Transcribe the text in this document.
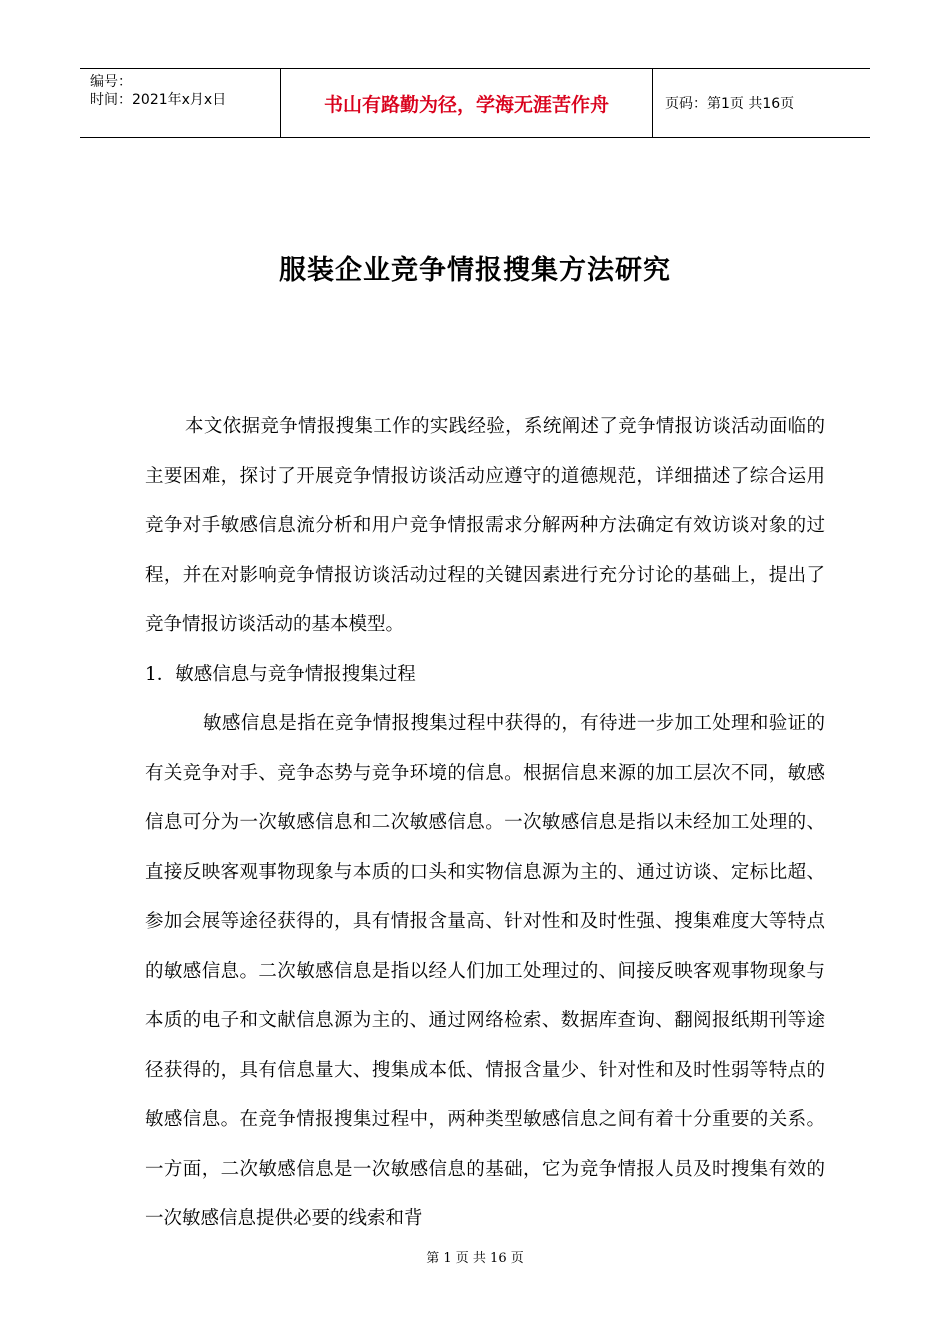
编号：
时间：2021年x月x日	书山有路勤为径，学海无涯苦作舟	页码：第1页 共16页
服装企业竞争情报搜集方法研究

本文依据竞争情报搜集工作的实践经验，系统阐述了竞争情报访谈活动面临的主要困难，探讨了开展竞争情报访谈活动应遵守的道德规范，详细描述了综合运用竞争对手敏感信息流分析和用户竞争情报需求分解两种方法确定有效访谈对象的过程，并在对影响竞争情报访谈活动过程的关键因素进行充分讨论的基础上，提出了竞争情报访谈活动的基本模型。

1．敏感信息与竞争情报搜集过程

敏感信息是指在竞争情报搜集过程中获得的，有待进一步加工处理和验证的有关竞争对手、竞争态势与竞争环境的信息。根据信息来源的加工层次不同，敏感信息可分为一次敏感信息和二次敏感信息。一次敏感信息是指以未经加工处理的、直接反映客观事物现象与本质的口头和实物信息源为主的、通过访谈、定标比超、参加会展等途径获得的，具有情报含量高、针对性和及时性强、搜集难度大等特点的敏感信息。二次敏感信息是指以经人们加工处理过的、间接反映客观事物现象与本质的电子和文献信息源为主的、通过网络检索、数据库查询、翻阅报纸期刊等途径获得的，具有信息量大、搜集成本低、情报含量少、针对性和及时性弱等特点的敏感信息。在竞争情报搜集过程中，两种类型敏感信息之间有着十分重要的关系。一方面，二次敏感信息是一次敏感信息的基础，它为竞争情报人员及时搜集有效的一次敏感信息提供必要的线索和背

第 1 页 共 16 页
